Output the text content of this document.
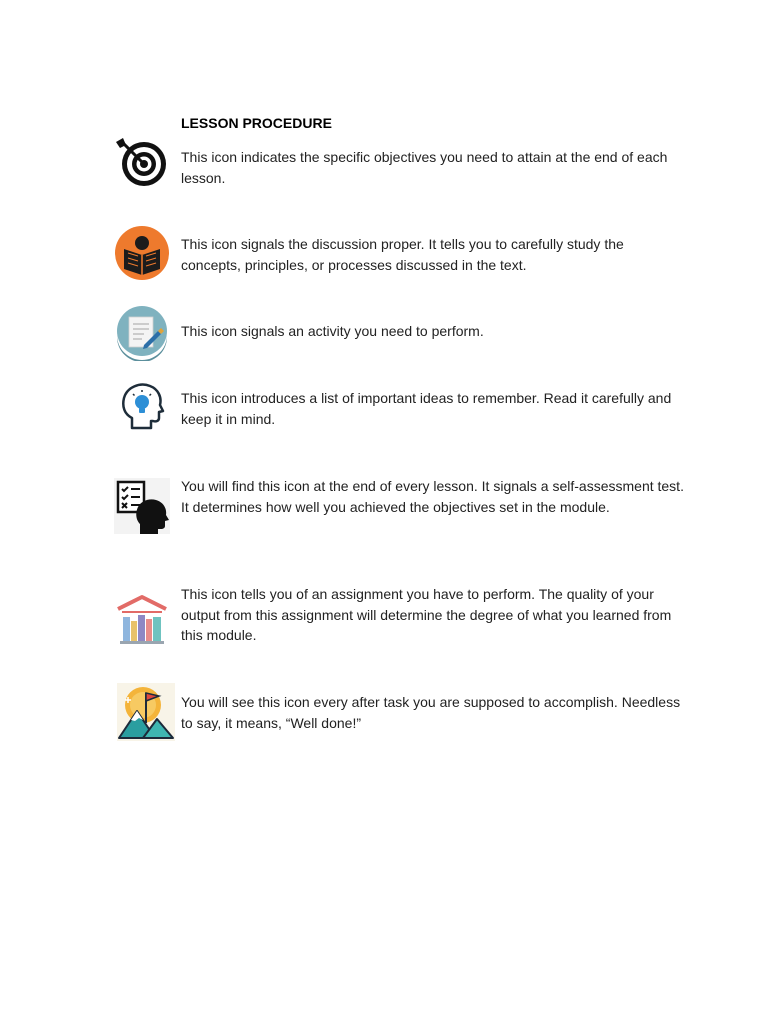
LESSON PROCEDURE

This icon indicates the specific objectives you need to attain at the end of each lesson.

This icon signals the discussion proper. It tells you to carefully study the concepts, principles, or processes discussed in the text.

This icon signals an activity you need to perform.

This icon introduces a list of important ideas to remember. Read it carefully and keep it in mind.

You will find this icon at the end of every lesson. It signals a self-assessment test. It determines how well you achieved the objectives set in the module.

This icon tells you of an assignment you have to perform. The quality of your output from this assignment will determine the degree of what you learned from this module.

You will see this icon every after task you are supposed to accomplish. Needless to say, it means, “Well done!”
